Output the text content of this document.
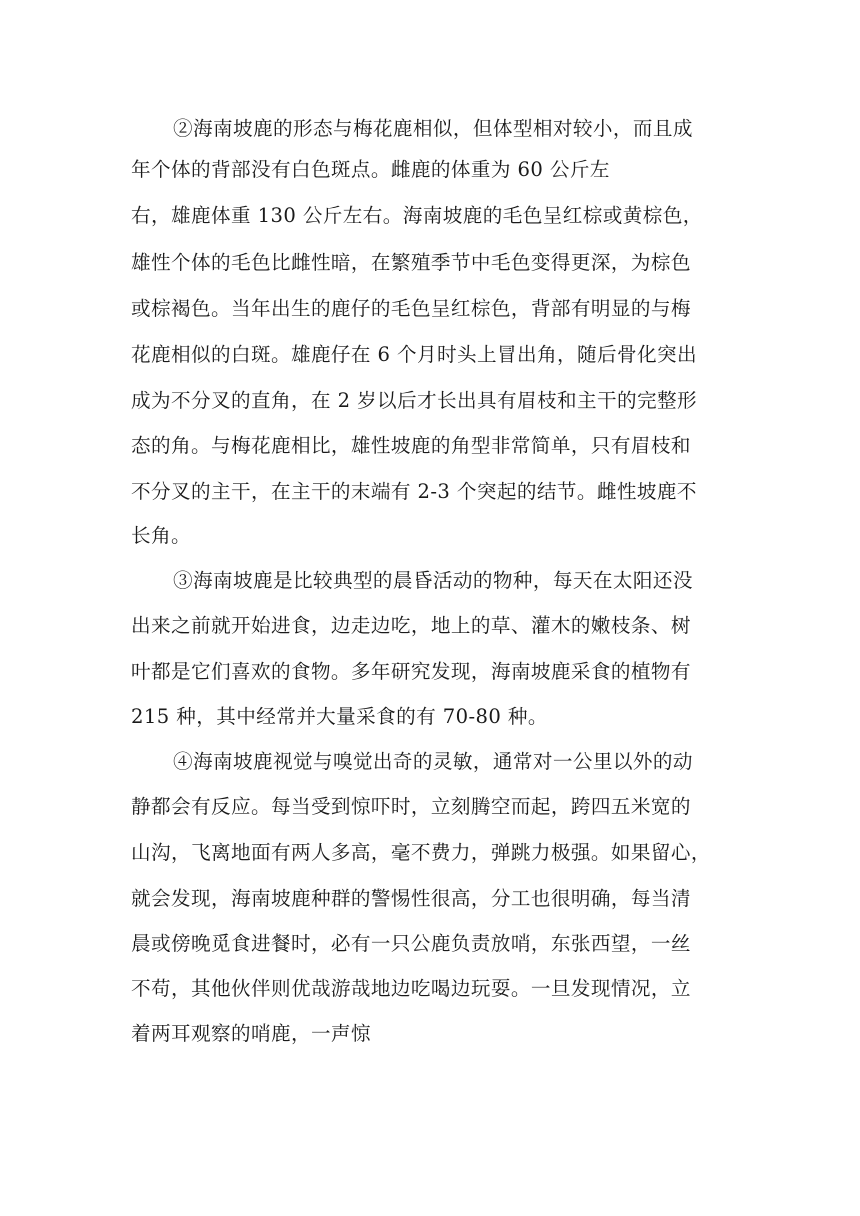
②海南坡鹿的形态与梅花鹿相似，但体型相对较小，而且成
年个体的背部没有白色斑点。雌鹿的体重为 60 公斤左
右，雄鹿体重 130 公斤左右。海南坡鹿的毛色呈红棕或黄棕色，
雄性个体的毛色比雌性暗，在繁殖季节中毛色变得更深，为棕色
或棕褐色。当年出生的鹿仔的毛色呈红棕色，背部有明显的与梅
花鹿相似的白斑。雄鹿仔在 6 个月时头上冒出角，随后骨化突出
成为不分叉的直角，在 2 岁以后才长出具有眉枝和主干的完整形
态的角。与梅花鹿相比，雄性坡鹿的角型非常简单，只有眉枝和
不分叉的主干，在主干的末端有 2-3 个突起的结节。雌性坡鹿不
长角。
③海南坡鹿是比较典型的晨昏活动的物种，每天在太阳还没
出来之前就开始进食，边走边吃，地上的草、灌木的嫩枝条、树
叶都是它们喜欢的食物。多年研究发现，海南坡鹿采食的植物有
215 种，其中经常并大量采食的有 70-80 种。
④海南坡鹿视觉与嗅觉出奇的灵敏，通常对一公里以外的动
静都会有反应。每当受到惊吓时，立刻腾空而起，跨四五米宽的
山沟，飞离地面有两人多高，毫不费力，弹跳力极强。如果留心，
就会发现，海南坡鹿种群的警惕性很高，分工也很明确，每当清
晨或傍晚觅食进餐时，必有一只公鹿负责放哨，东张西望，一丝
不苟，其他伙伴则优哉游哉地边吃喝边玩耍。一旦发现情况，立
着两耳观察的哨鹿，一声惊
